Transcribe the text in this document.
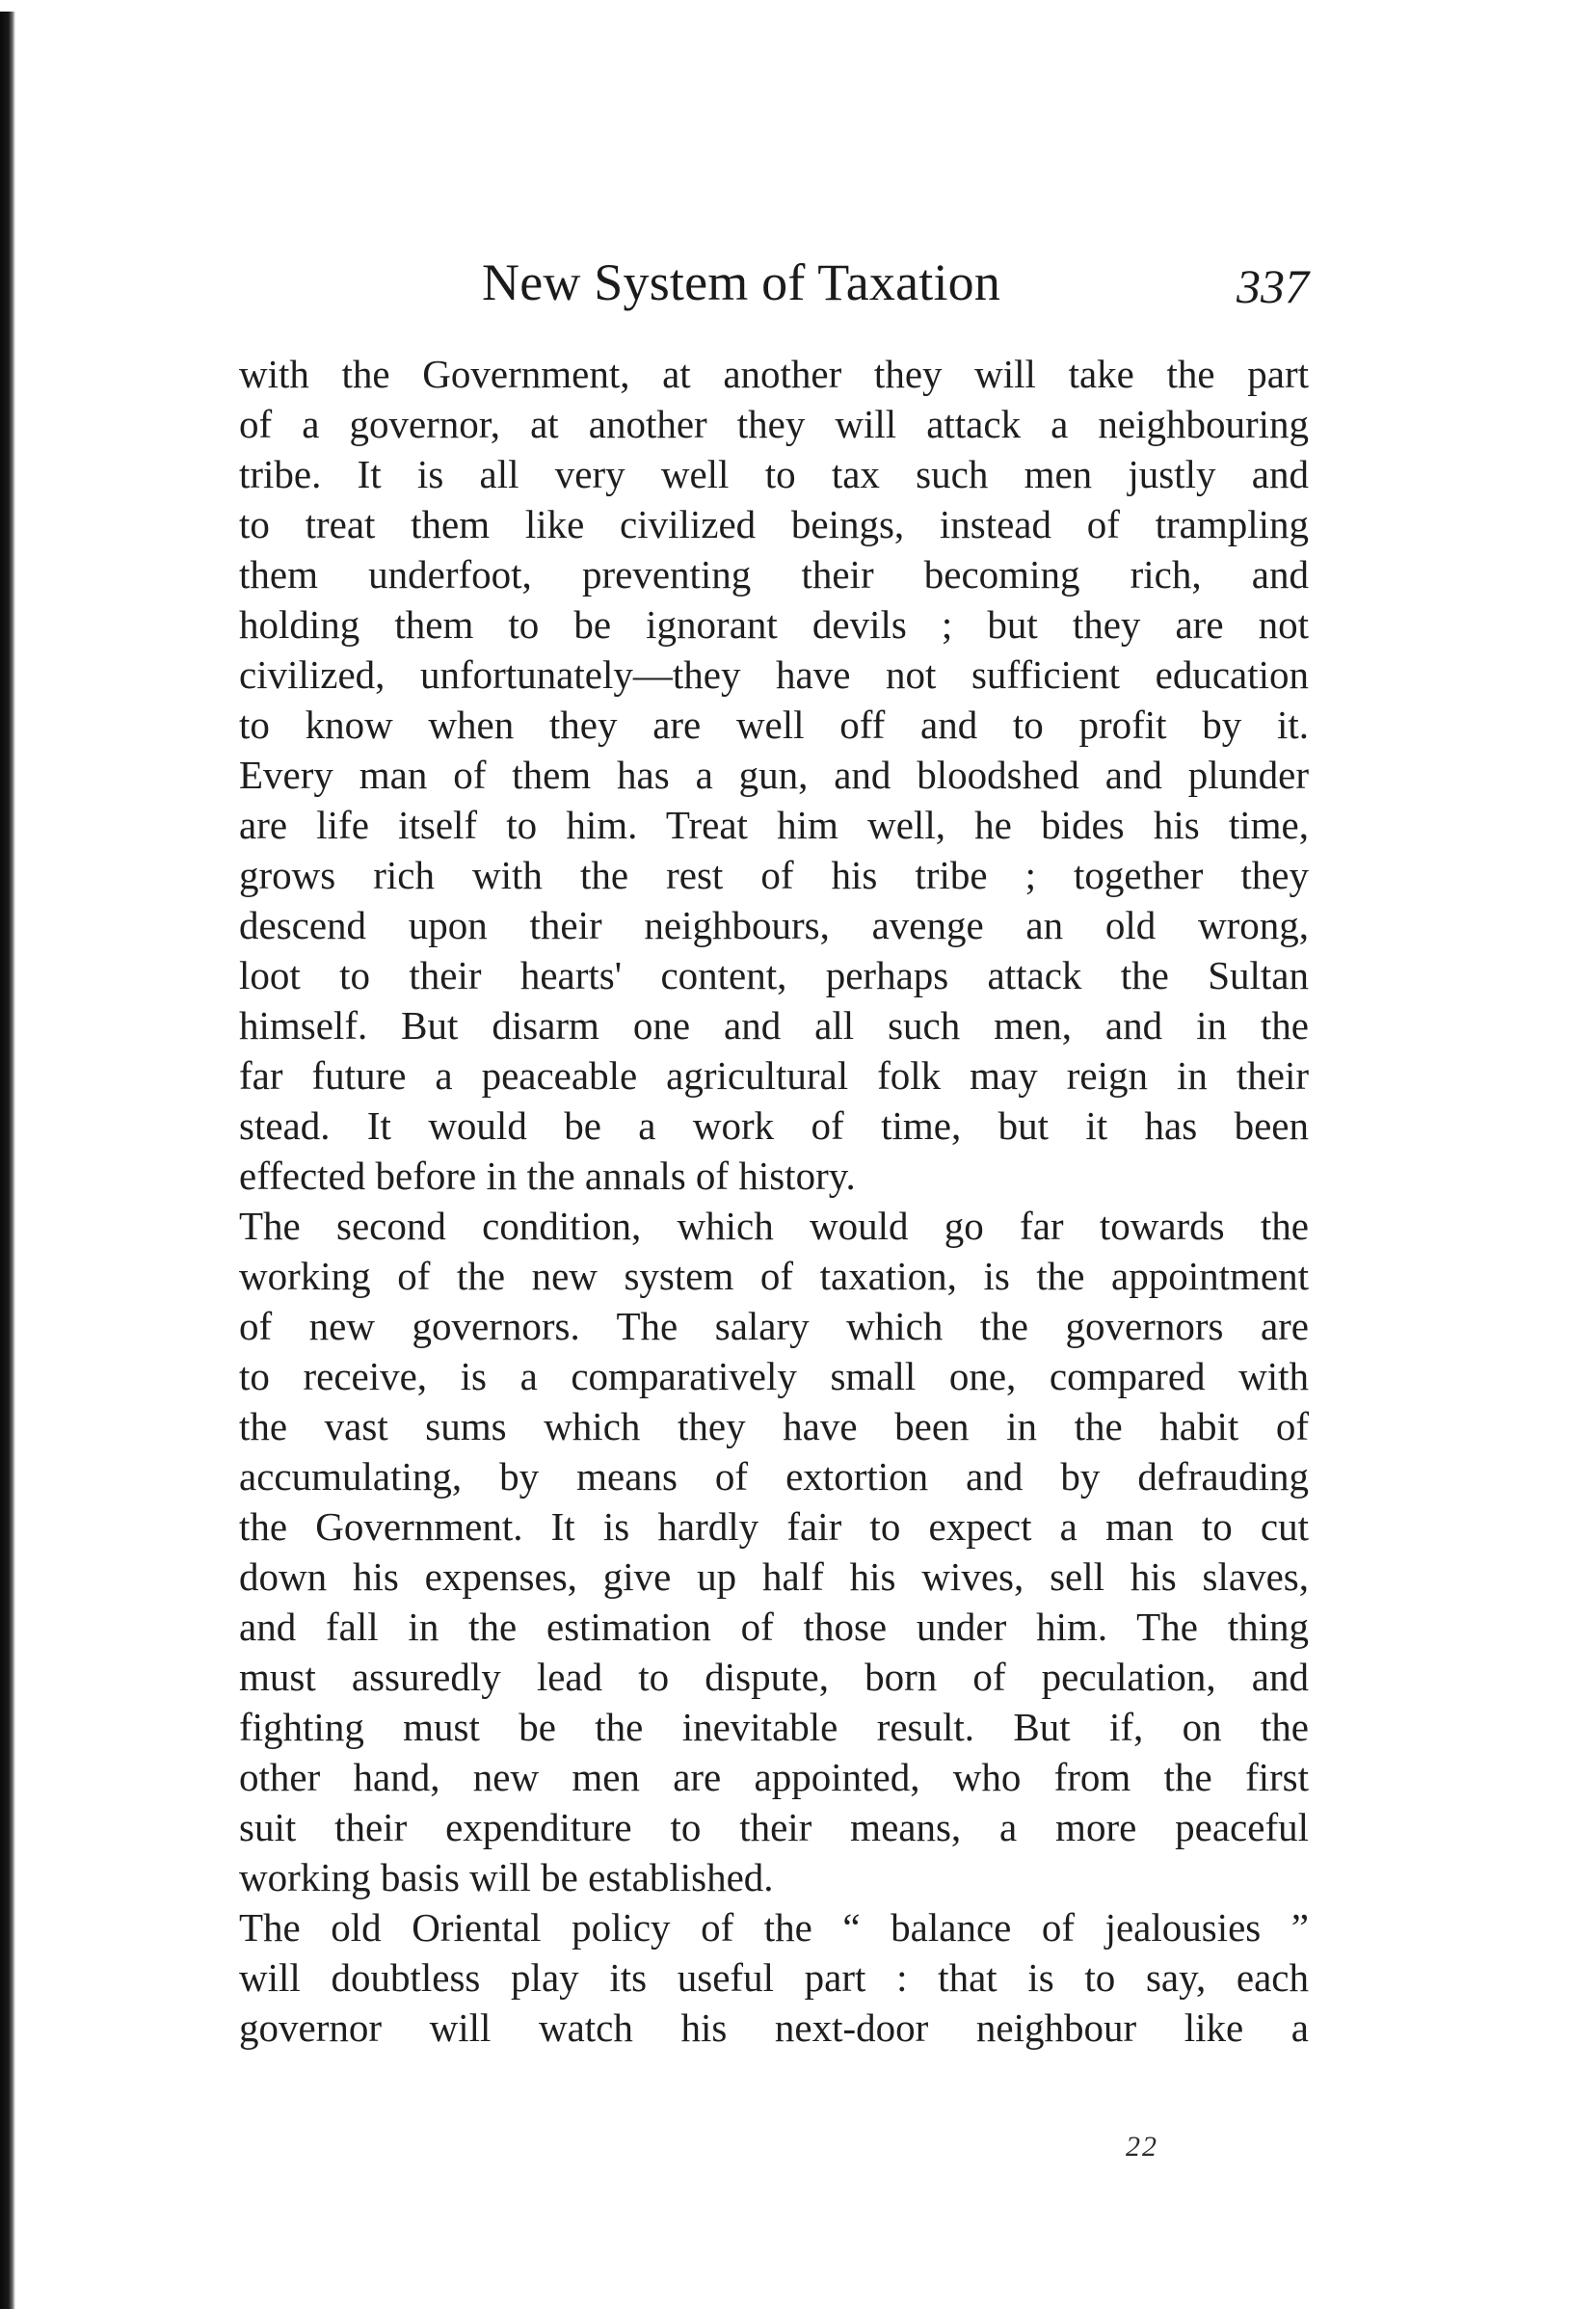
New System of Taxation	337
with the Government, at another they will take the part
of a governor, at another they will attack a neighbouring
tribe. It is all very well to tax such men justly and
to treat them like civilized beings, instead of trampling
them underfoot, preventing their becoming rich, and
holding them to be ignorant devils ; but they are not
civilized, unfortunately—they have not sufficient education
to know when they are well off and to profit by it.
Every man of them has a gun, and bloodshed and plunder
are life itself to him. Treat him well, he bides his time,
grows rich with the rest of his tribe ; together they
descend upon their neighbours, avenge an old wrong,
loot to their hearts' content, perhaps attack the Sultan
himself. But disarm one and all such men, and in the
far future a peaceable agricultural folk may reign in their
stead. It would be a work of time, but it has been
effected before in the annals of history.
The second condition, which would go far towards the
working of the new system of taxation, is the appointment
of new governors. The salary which the governors are
to receive, is a comparatively small one, compared with
the vast sums which they have been in the habit of
accumulating, by means of extortion and by defrauding
the Government. It is hardly fair to expect a man to cut
down his expenses, give up half his wives, sell his slaves,
and fall in the estimation of those under him. The thing
must assuredly lead to dispute, born of peculation, and
fighting must be the inevitable result. But if, on the
other hand, new men are appointed, who from the first
suit their expenditure to their means, a more peaceful
working basis will be established.
The old Oriental policy of the “ balance of jealousies ”
will doubtless play its useful part : that is to say, each
governor will watch his next-door neighbour like a
22
